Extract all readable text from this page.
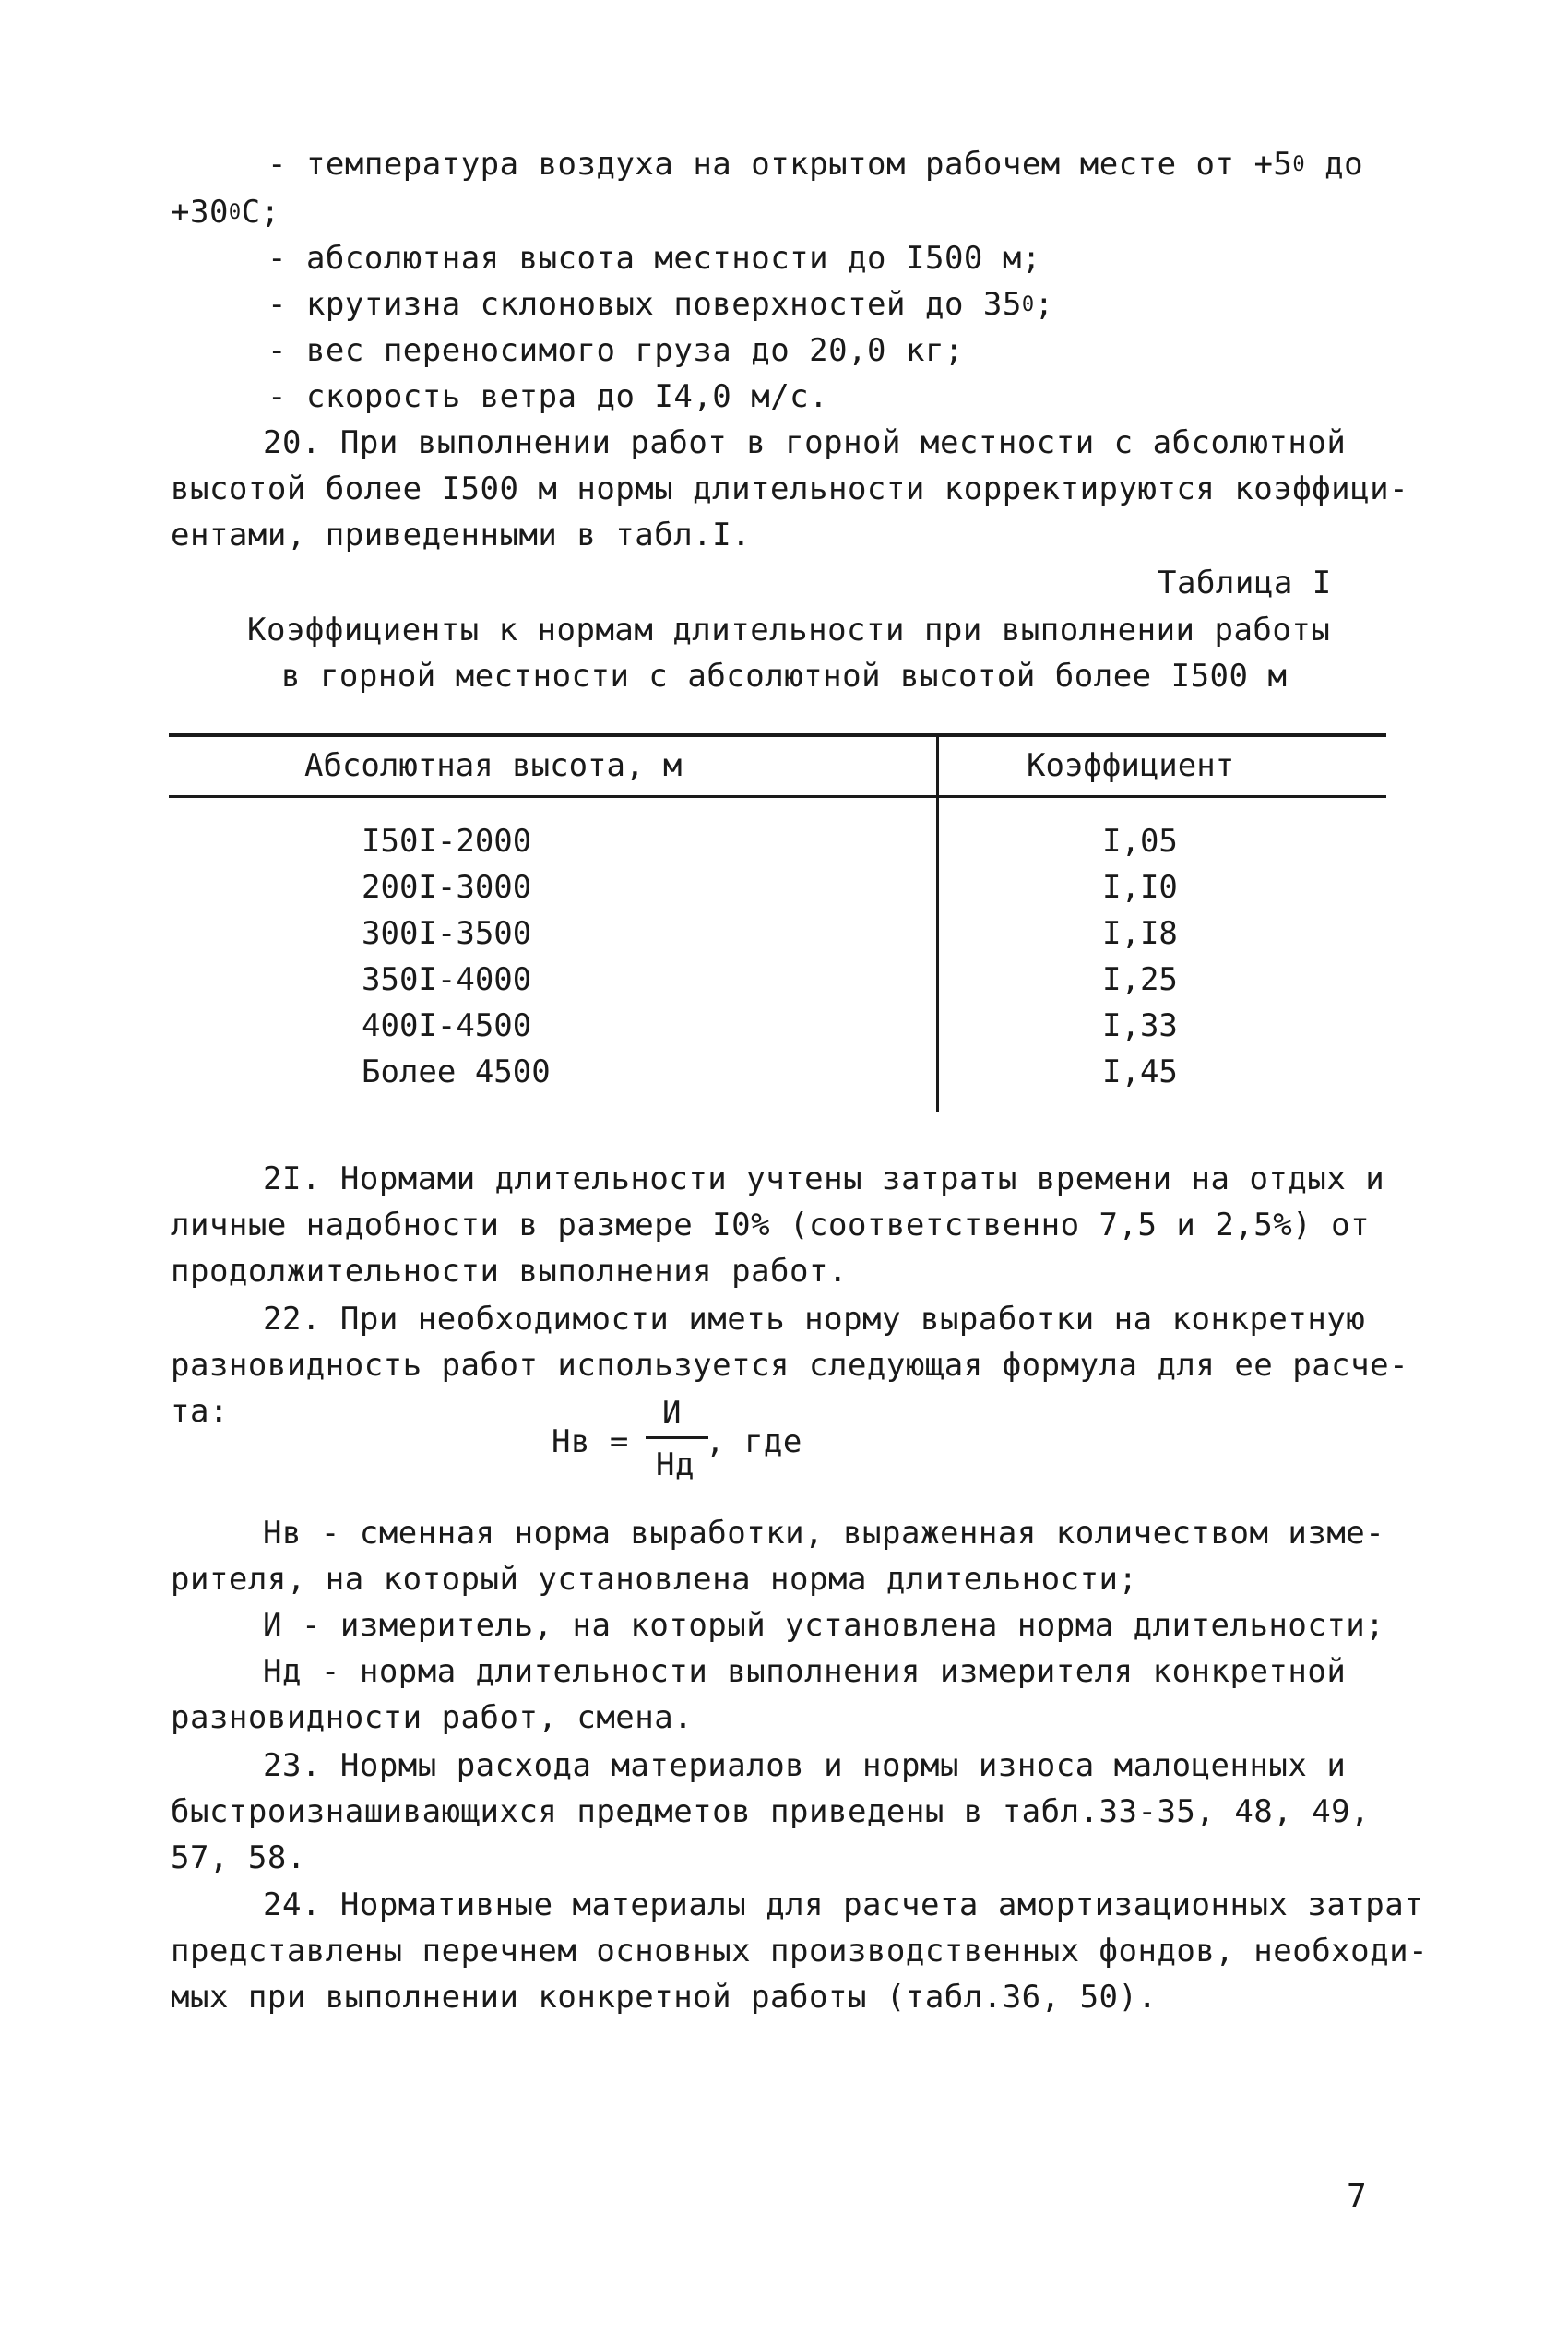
- температура воздуха на открытом рабочем месте от $+5^0$ до
$+30^0С$;
- абсолютная высота местности до I500 м;
- крутизна склоновых поверхностей до $35^0$;
- вес переносимого груза до 20,0 кг;
- скорость ветра до I4,0 м/с.
20. При выполнении работ в горной местности с абсолютной
высотой более I500 м нормы длительности корректируются коэффици-
ентами, приведенными в табл.I.
Таблица I
Коэффициенты к нормам длительности при выполнении работы
в горной местности с абсолютной высотой более I500 м
Абсолютная высота, м	Коэффициент
I50I-2000	I,05
200I-3000	I,I0
300I-3500	I,I8
350I-4000	I,25
400I-4500	I,33
Более 4500	I,45
2I. Нормами длительности учтены затраты времени на отдых и
личные надобности в размере I0% (соответственно 7,5 и 2,5%) от
продолжительности выполнения работ.
22. При необходимости иметь норму выработки на конкретную
разновидность работ используется следующая формула для ее расче-
та:
Нв =
И
Нд
, где
Нв - сменная норма выработки, выраженная количеством изме-
рителя, на который установлена норма длительности;
И - измеритель, на который установлена норма длительности;
Нд - норма длительности выполнения измерителя конкретной
разновидности работ, смена.
23. Нормы расхода материалов и нормы износа малоценных и
быстроизнашивающихся предметов приведены в табл.33-35, 48, 49,
57, 58.
24. Нормативные материалы для расчета амортизационных затрат
представлены перечнем основных производственных фондов, необходи-
мых при выполнении конкретной работы (табл.36, 50).
7
